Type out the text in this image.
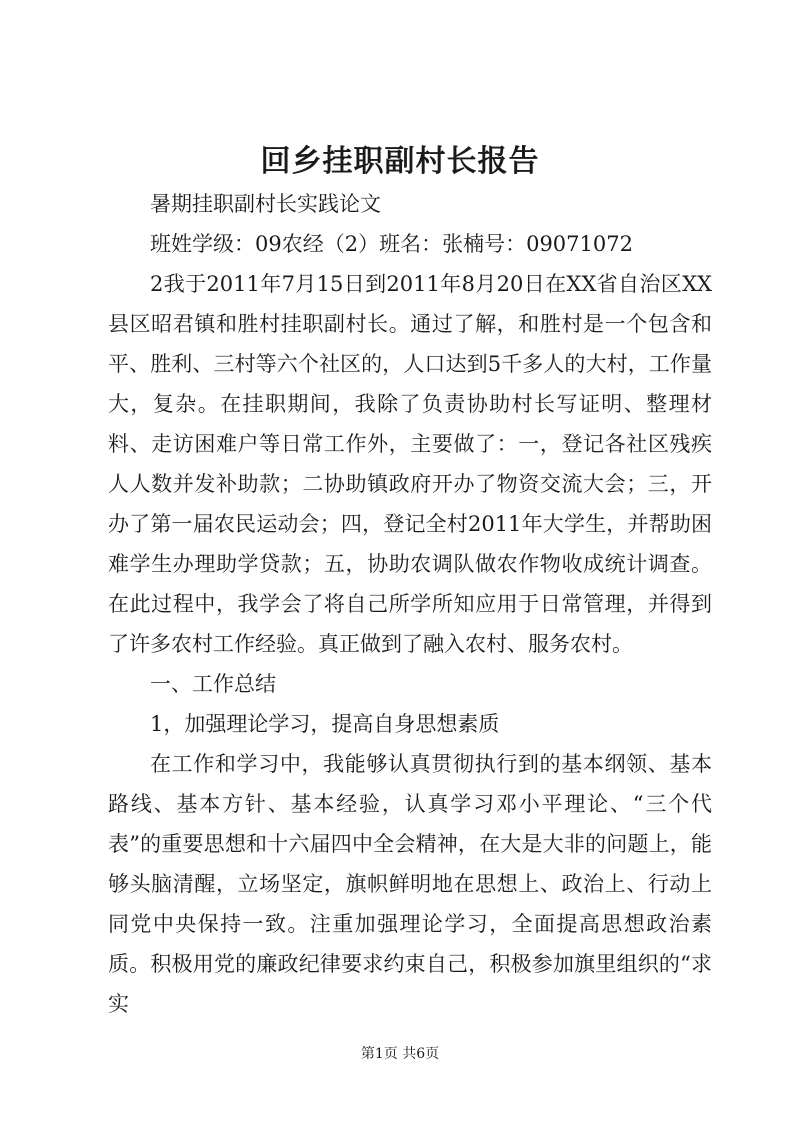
回乡挂职副村长报告

暑期挂职副村长实践论文

班姓学级：09农经（2）班名：张楠号：09071072

2我于2011年7月15日到2011年8月20日在XX省自治区XX县区昭君镇和胜村挂职副村长。通过了解，和胜村是一个包含和平、胜利、三村等六个社区的，人口达到5千多人的大村，工作量大，复杂。在挂职期间，我除了负责协助村长写证明、整理材料、走访困难户等日常工作外，主要做了：一，登记各社区残疾人人数并发补助款；二协助镇政府开办了物资交流大会；三，开办了第一届农民运动会；四，登记全村2011年大学生，并帮助困难学生办理助学贷款；五，协助农调队做农作物收成统计调查。在此过程中，我学会了将自己所学所知应用于日常管理，并得到了许多农村工作经验。真正做到了融入农村、服务农村。

一、工作总结

1，加强理论学习，提高自身思想素质

在工作和学习中，我能够认真贯彻执行到的基本纲领、基本路线、基本方针、基本经验，认真学习邓小平理论、“三个代表”的重要思想和十六届四中全会精神，在大是大非的问题上，能够头脑清醒，立场坚定，旗帜鲜明地在思想上、政治上、行动上同党中央保持一致。注重加强理论学习，全面提高思想政治素质。积极用党的廉政纪律要求约束自己，积极参加旗里组织的“求实

第1页 共6页
